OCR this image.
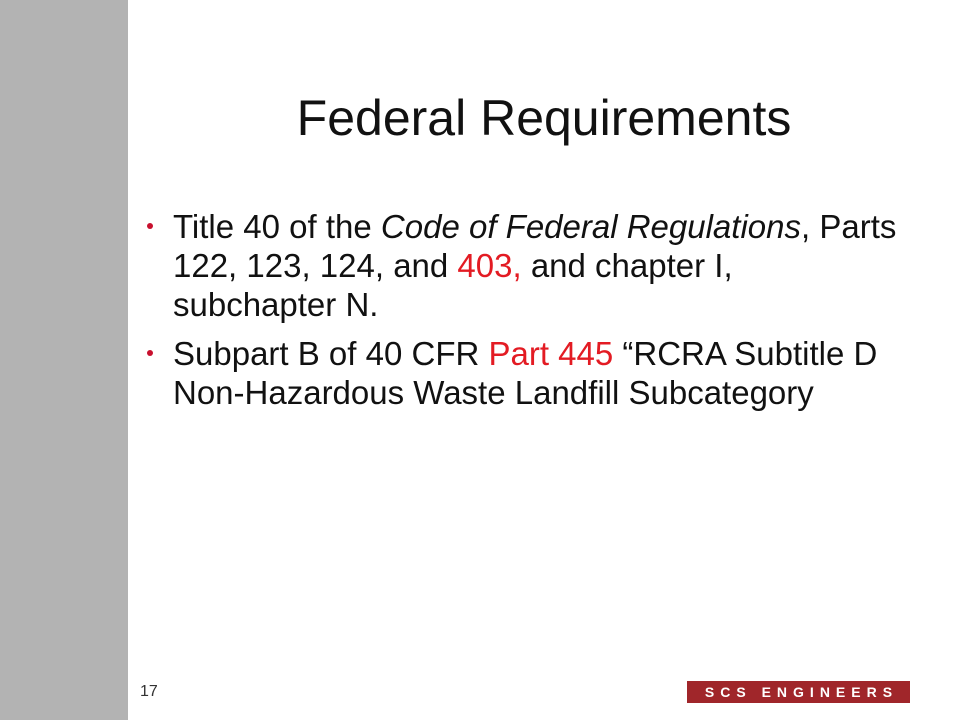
Federal Requirements
Title 40 of the Code of Federal Regulations, Parts 122, 123, 124, and 403, and chapter I, subchapter N.
Subpart B of 40 CFR Part 445 “RCRA Subtitle D Non-Hazardous Waste Landfill Subcategory
17	SCS ENGINEERS
